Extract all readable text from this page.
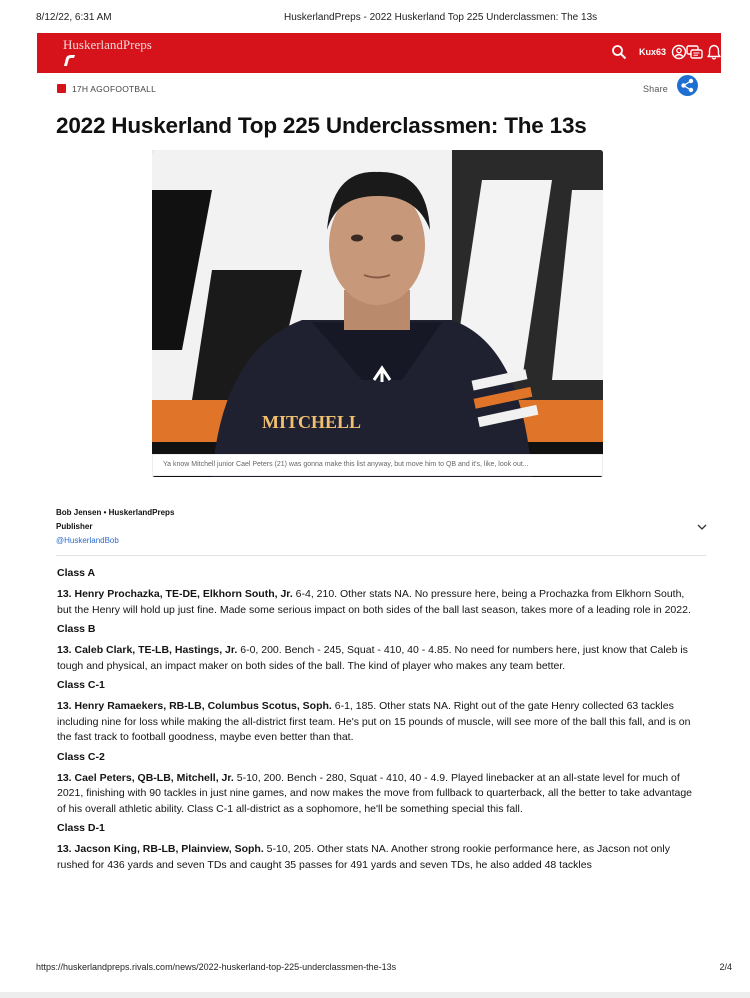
8/12/22, 6:31 AM	HuskerlandPreps - 2022 Huskerland Top 225 Underclassmen: The 13s
HuskerlandPreps	Kux63
17H AGO FOOTBALL	Share
2022 Huskerland Top 225 Underclassmen: The 13s
MITCHELL
Ya know Mitchell junior Cael Peters (21) was gonna make this list anyway, but move him to QB and it's, like, look out...
Bob Jensen • HuskerlandPreps
Publisher
@HuskerlandBob

Class A

13. Henry Prochazka, TE-DE, Elkhorn South, Jr. 6-4, 210. Other stats NA. No pressure here, being a Prochazka from Elkhorn South, but the Henry will hold up just fine. Made some serious impact on both sides of the ball last season, takes more of a leading role in 2022.

Class B

13. Caleb Clark, TE-LB, Hastings, Jr. 6-0, 200. Bench - 245, Squat - 410, 40 - 4.85. No need for numbers here, just know that Caleb is tough and physical, an impact maker on both sides of the ball. The kind of player who makes any team better.

Class C-1

13. Henry Ramaekers, RB-LB, Columbus Scotus, Soph. 6-1, 185. Other stats NA. Right out of the gate Henry collected 63 tackles including nine for loss while making the all-district first team. He's put on 15 pounds of muscle, will see more of the ball this fall, and is on the fast track to football goodness, maybe even better than that.

Class C-2

13. Cael Peters, QB-LB, Mitchell, Jr. 5-10, 200. Bench - 280, Squat - 410, 40 - 4.9. Played linebacker at an all-state level for much of 2021, finishing with 90 tackles in just nine games, and now makes the move from fullback to quarterback, all the better to take advantage of his overall athletic ability. Class C-1 all-district as a sophomore, he'll be something special this fall.

Class D-1

13. Jacson King, RB-LB, Plainview, Soph. 5-10, 205. Other stats NA. Another strong rookie performance here, as Jacson not only rushed for 436 yards and seven TDs and caught 35 passes for 491 yards and seven TDs, he also added 48 tackles

https://huskerlandpreps.rivals.com/news/2022-huskerland-top-225-underclassmen-the-13s	2/4
